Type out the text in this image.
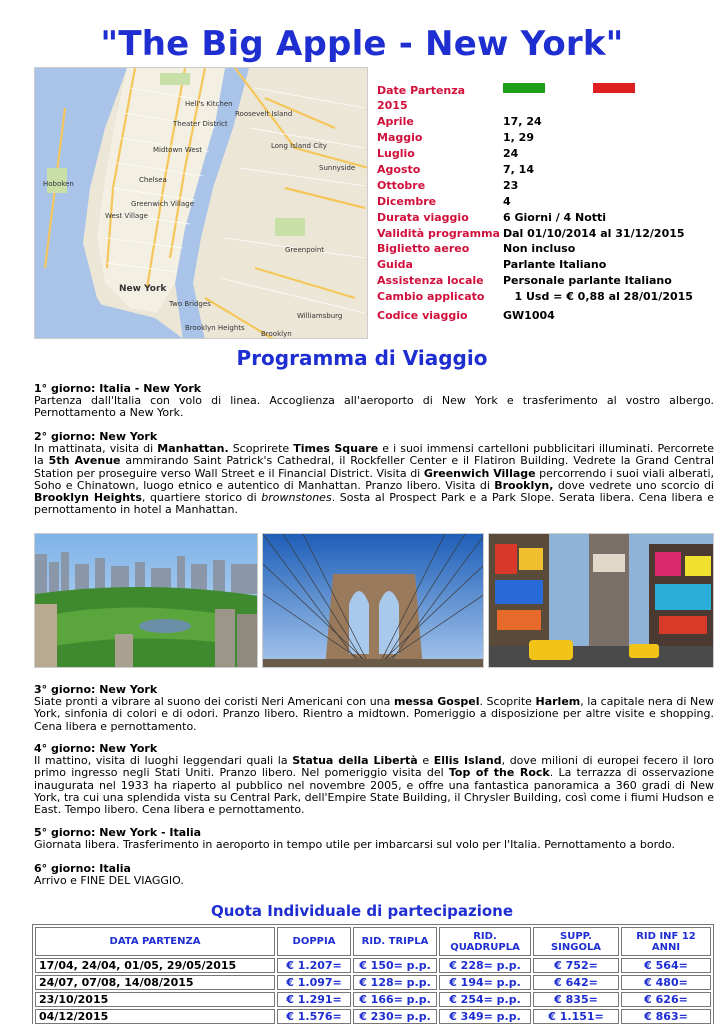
"The Big Apple - New York"
Hell's Kitchen
Theater District
Midtown West
Chelsea
Hoboken
Greenwich Village
West Village
New York
Two Bridges
Williamsburg
Roosevelt Island
Long Island City
Sunnyside
Greenpoint
Brooklyn Heights
Brooklyn
Date Partenza
2015
Aprile	17, 24
Maggio	1, 29
Luglio	24
Agosto	7, 14
Ottobre	23
Dicembre	4
Durata viaggio	6 Giorni / 4 Notti
Validità programma Dal 01/10/2014 al 31/12/2015
Biglietto aereo	Non incluso
Guida	Parlante Italiano
Assistenza locale Personale parlante Italiano
Cambio applicato 1 Usd = € 0,88 al 28/01/2015
Codice viaggio	GW1004
Programma di Viaggio
1° giorno: Italia - New York
Partenza dall'Italia con volo di linea. Accoglienza all'aeroporto di New York e trasferimento al vostro albergo. Pernottamento a New York.
2° giorno: New York
In mattinata, visita di Manhattan. Scoprirete Times Square e i suoi immensi cartelloni pubblicitari illuminati. Percorrete la 5th Avenue ammirando Saint Patrick's Cathedral, il Rockfeller Center e il Flatiron Building. Vedrete la Grand Central Station per proseguire verso Wall Street e il Financial District. Visita di Greenwich Village percorrendo i suoi viali alberati, Soho e Chinatown, luogo etnico e autentico di Manhattan. Pranzo libero. Visita di Brooklyn, dove vedrete uno scorcio di Brooklyn Heights, quartiere storico di brownstones. Sosta al Prospect Park e a Park Slope. Serata libera. Cena libera e pernottamento in hotel a Manhattan.
3° giorno: New York
Siate pronti a vibrare al suono dei coristi Neri Americani con una messa Gospel. Scoprite Harlem, la capitale nera di New York, sinfonia di colori e di odori. Pranzo libero. Rientro a midtown. Pomeriggio a disposizione per altre visite e shopping. Cena libera e pernottamento.
4° giorno: New York
Il mattino, visita di luoghi leggendari quali la Statua della Libertà e Ellis Island, dove milioni di europei fecero il loro primo ingresso negli Stati Uniti. Pranzo libero. Nel pomeriggio visita del Top of the Rock. La terrazza di osservazione inaugurata nel 1933 ha riaperto al pubblico nel novembre 2005, e offre una fantastica panoramica a 360 gradi di New York, tra cui una splendida vista su Central Park, dell'Empire State Building, il Chrysler Building, così come i fiumi Hudson e East. Tempo libero. Cena libera e pernottamento.
5° giorno: New York - Italia
Giornata libera. Trasferimento in aeroporto in tempo utile per imbarcarsi sul volo per l'Italia. Pernottamento a bordo.
6° giorno: Italia
Arrivo e FINE DEL VIAGGIO.
Quota Individuale di partecipazione
DATA PARTENZA	DOPPIA	RID. TRIPLA	RID. QUADRUPLA	SUPP. SINGOLA	RID INF 12 ANNI
17/04, 24/04, 01/05, 29/05/2015	€ 1.207=	€ 150= p.p.	€ 228= p.p.	€ 752=	€ 564=
24/07, 07/08, 14/08/2015	€ 1.097=	€ 128= p.p.	€ 194= p.p.	€ 642=	€ 480=
23/10/2015	€ 1.291=	€ 166= p.p.	€ 254= p.p.	€ 835=	€ 626=
04/12/2015	€ 1.576=	€ 230= p.p.	€ 349= p.p.	€ 1.151=	€ 863=
